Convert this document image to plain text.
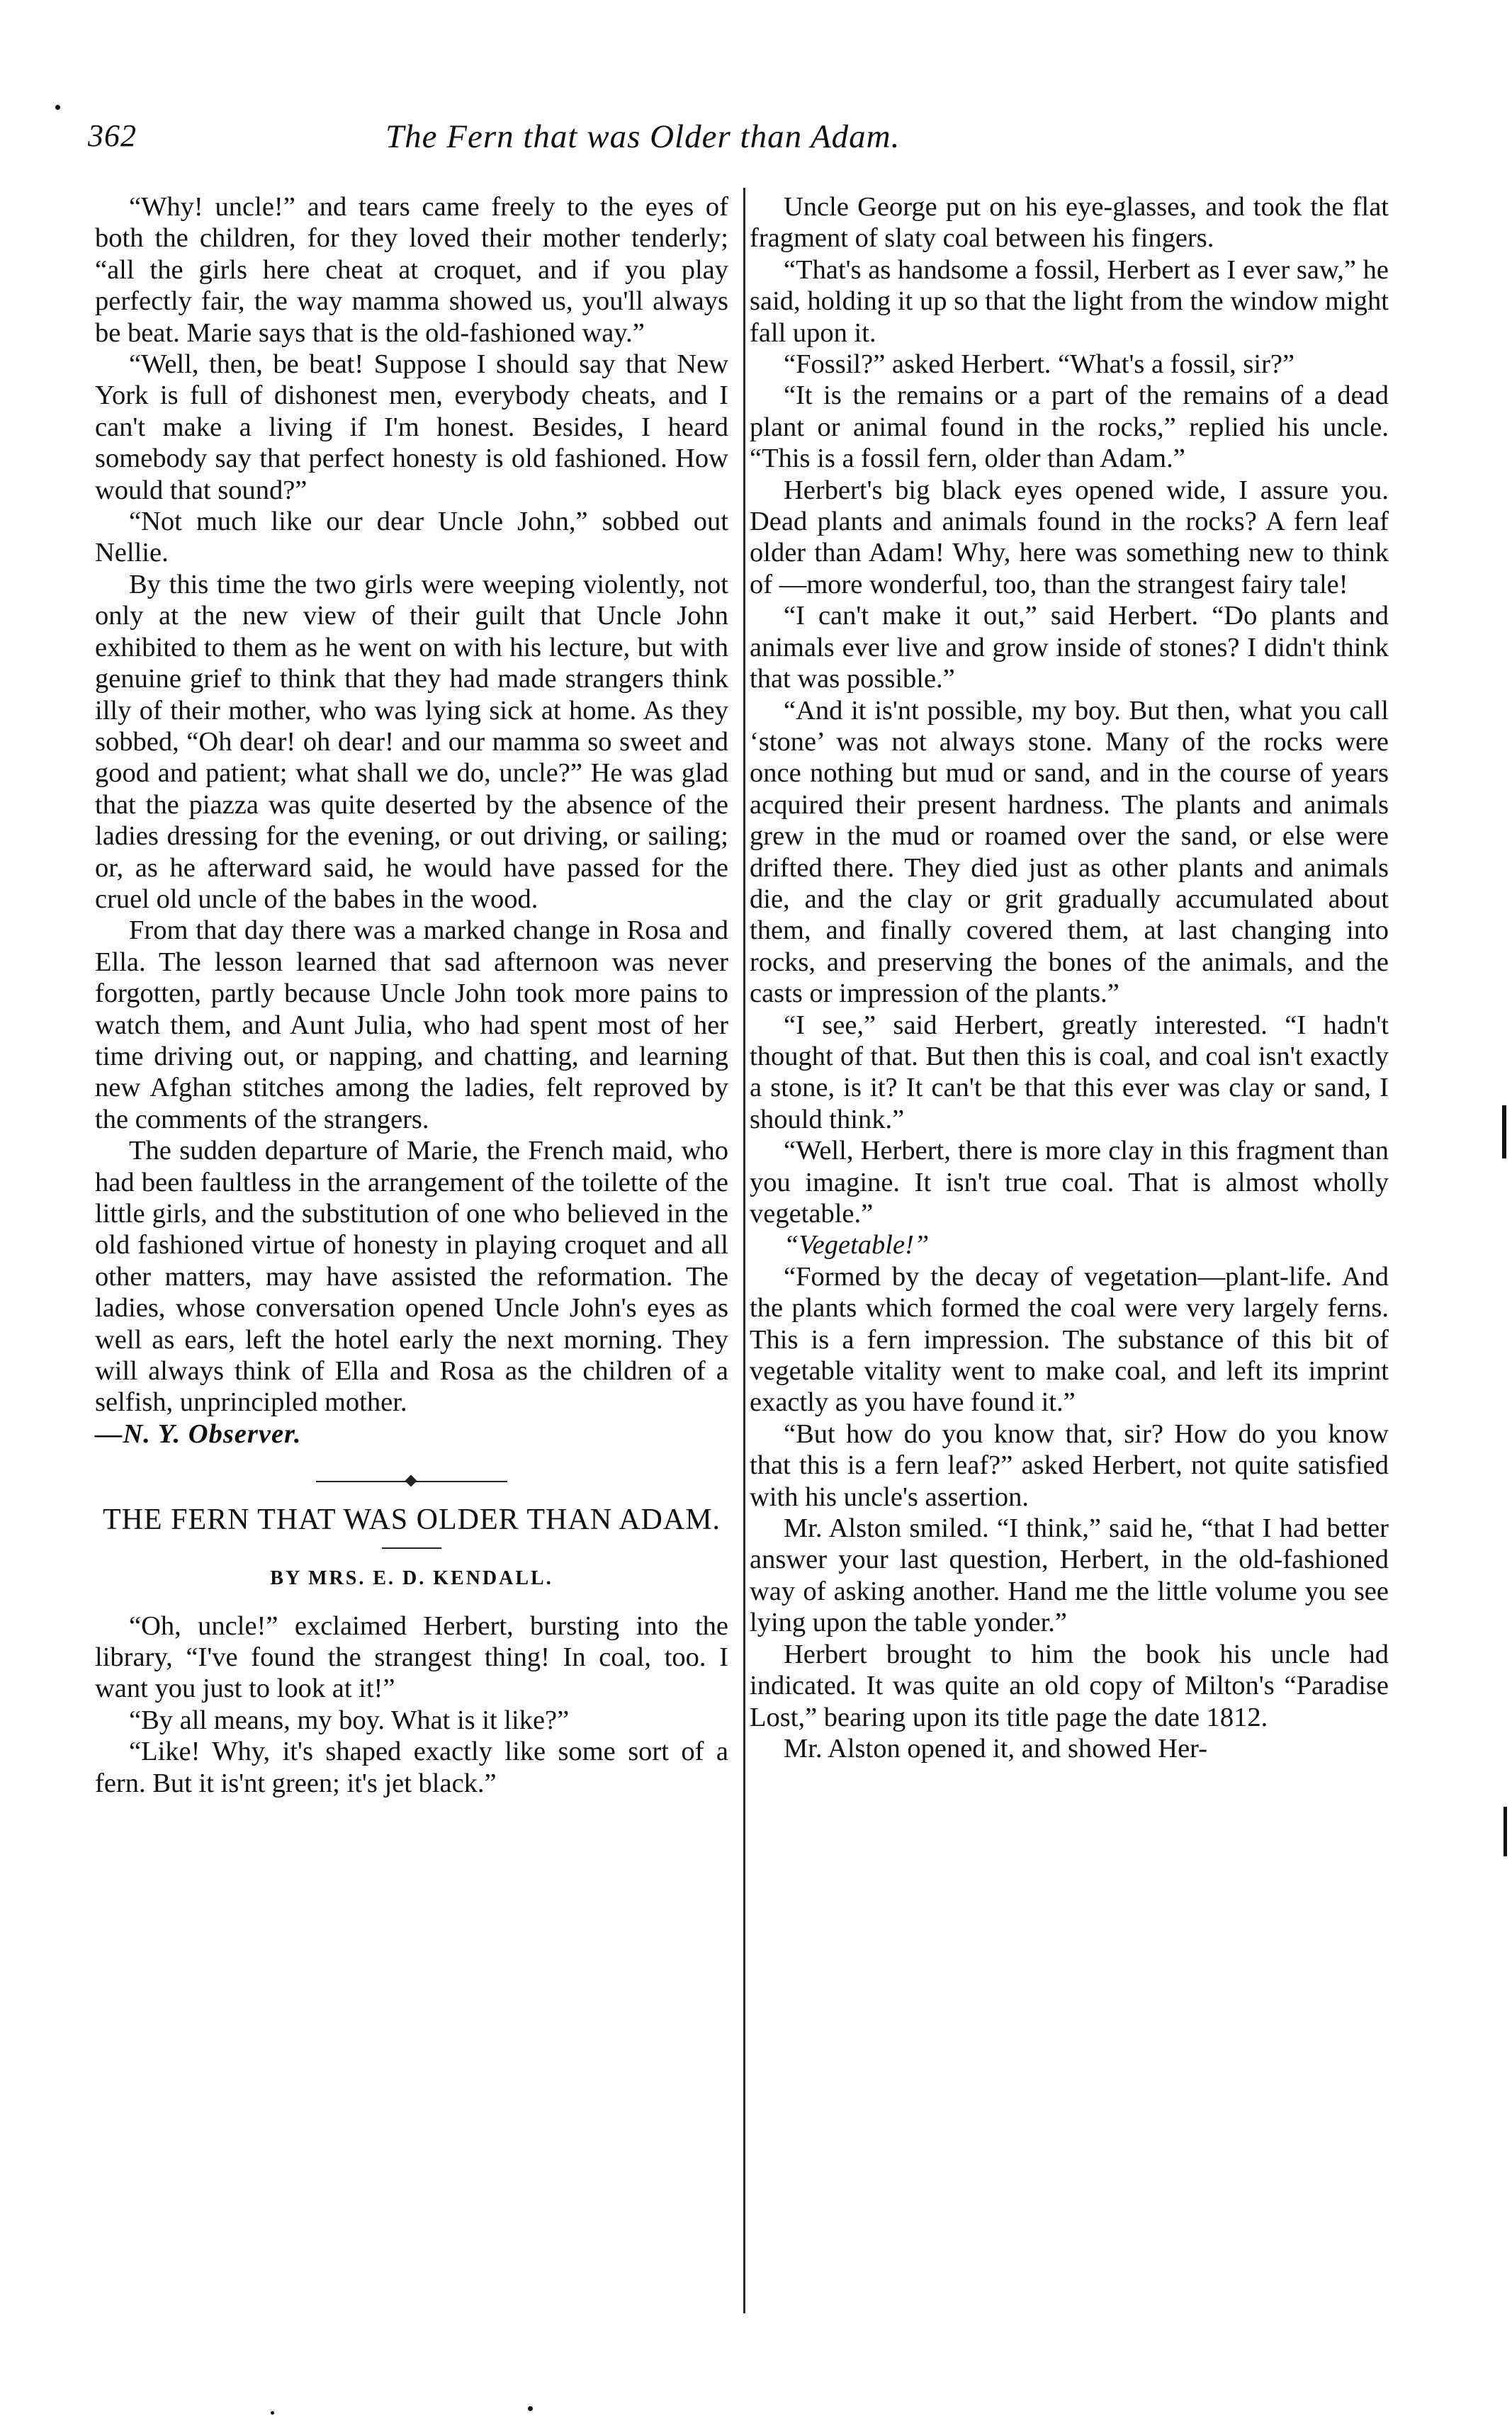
362	The Fern that was Older than Adam.

“Why! uncle!” and tears came freely to the eyes of both the children, for they loved their mother tenderly; “all the girls here cheat at croquet, and if you play perfectly fair, the way mamma showed us, you'll always be beat. Marie says that is the old-fashioned way.”

“Well, then, be beat! Suppose I should say that New York is full of dishonest men, everybody cheats, and I can't make a living if I'm honest. Besides, I heard somebody say that perfect honesty is old fashioned. How would that sound?”

“Not much like our dear Uncle John,” sobbed out Nellie.

By this time the two girls were weeping violently, not only at the new view of their guilt that Uncle John exhibited to them as he went on with his lecture, but with genuine grief to think that they had made strangers think illy of their mother, who was lying sick at home. As they sobbed, “Oh dear! oh dear! and our mamma so sweet and good and patient; what shall we do, uncle?” He was glad that the piazza was quite deserted by the absence of the ladies dressing for the evening, or out driving, or sailing; or, as he afterward said, he would have passed for the cruel old uncle of the babes in the wood.

From that day there was a marked change in Rosa and Ella. The lesson learned that sad afternoon was never forgotten, partly because Uncle John took more pains to watch them, and Aunt Julia, who had spent most of her time driving out, or napping, and chatting, and learning new Afghan stitches among the ladies, felt reproved by the comments of the strangers.

The sudden departure of Marie, the French maid, who had been faultless in the arrangement of the toilette of the little girls, and the substitution of one who believed in the old fashioned virtue of honesty in playing croquet and all other matters, may have assisted the reformation. The ladies, whose conversation opened Uncle John's eyes as well as ears, left the hotel early the next morning. They will always think of Ella and Rosa as the children of a selfish, unprincipled mother.

—N. Y. Observer.

THE FERN THAT WAS OLDER THAN ADAM.

BY MRS. E. D. KENDALL.

“Oh, uncle!” exclaimed Herbert, bursting into the library, “I've found the strangest thing! In coal, too. I want you just to look at it!”

“By all means, my boy. What is it like?”

“Like! Why, it's shaped exactly like some sort of a fern. But it is'nt green; it's jet black.”

Uncle George put on his eye-glasses, and took the flat fragment of slaty coal between his fingers.

“That's as handsome a fossil, Herbert as I ever saw,” he said, holding it up so that the light from the window might fall upon it.

“Fossil?” asked Herbert. “What's a fossil, sir?”

“It is the remains or a part of the remains of a dead plant or animal found in the rocks,” replied his uncle. “This is a fossil fern, older than Adam.”

Herbert's big black eyes opened wide, I assure you. Dead plants and animals found in the rocks? A fern leaf older than Adam! Why, here was something new to think of —more wonderful, too, than the strangest fairy tale!

“I can't make it out,” said Herbert. “Do plants and animals ever live and grow inside of stones? I didn't think that was possible.”

“And it is'nt possible, my boy. But then, what you call ‘stone’ was not always stone. Many of the rocks were once nothing but mud or sand, and in the course of years acquired their present hardness. The plants and animals grew in the mud or roamed over the sand, or else were drifted there. They died just as other plants and animals die, and the clay or grit gradually accumulated about them, and finally covered them, at last changing into rocks, and preserving the bones of the animals, and the casts or impression of the plants.”

“I see,” said Herbert, greatly interested. “I hadn't thought of that. But then this is coal, and coal isn't exactly a stone, is it? It can't be that this ever was clay or sand, I should think.”

“Well, Herbert, there is more clay in this fragment than you imagine. It isn't true coal. That is almost wholly vegetable.”

“Vegetable!”

“Formed by the decay of vegetation—plant-life. And the plants which formed the coal were very largely ferns. This is a fern impression. The substance of this bit of vegetable vitality went to make coal, and left its imprint exactly as you have found it.”

“But how do you know that, sir? How do you know that this is a fern leaf?” asked Herbert, not quite satisfied with his uncle's assertion.

Mr. Alston smiled. “I think,” said he, “that I had better answer your last question, Herbert, in the old-fashioned way of asking another. Hand me the little volume you see lying upon the table yonder.”

Herbert brought to him the book his uncle had indicated. It was quite an old copy of Milton's “Paradise Lost,” bearing upon its title page the date 1812.

Mr. Alston opened it, and showed Her-
